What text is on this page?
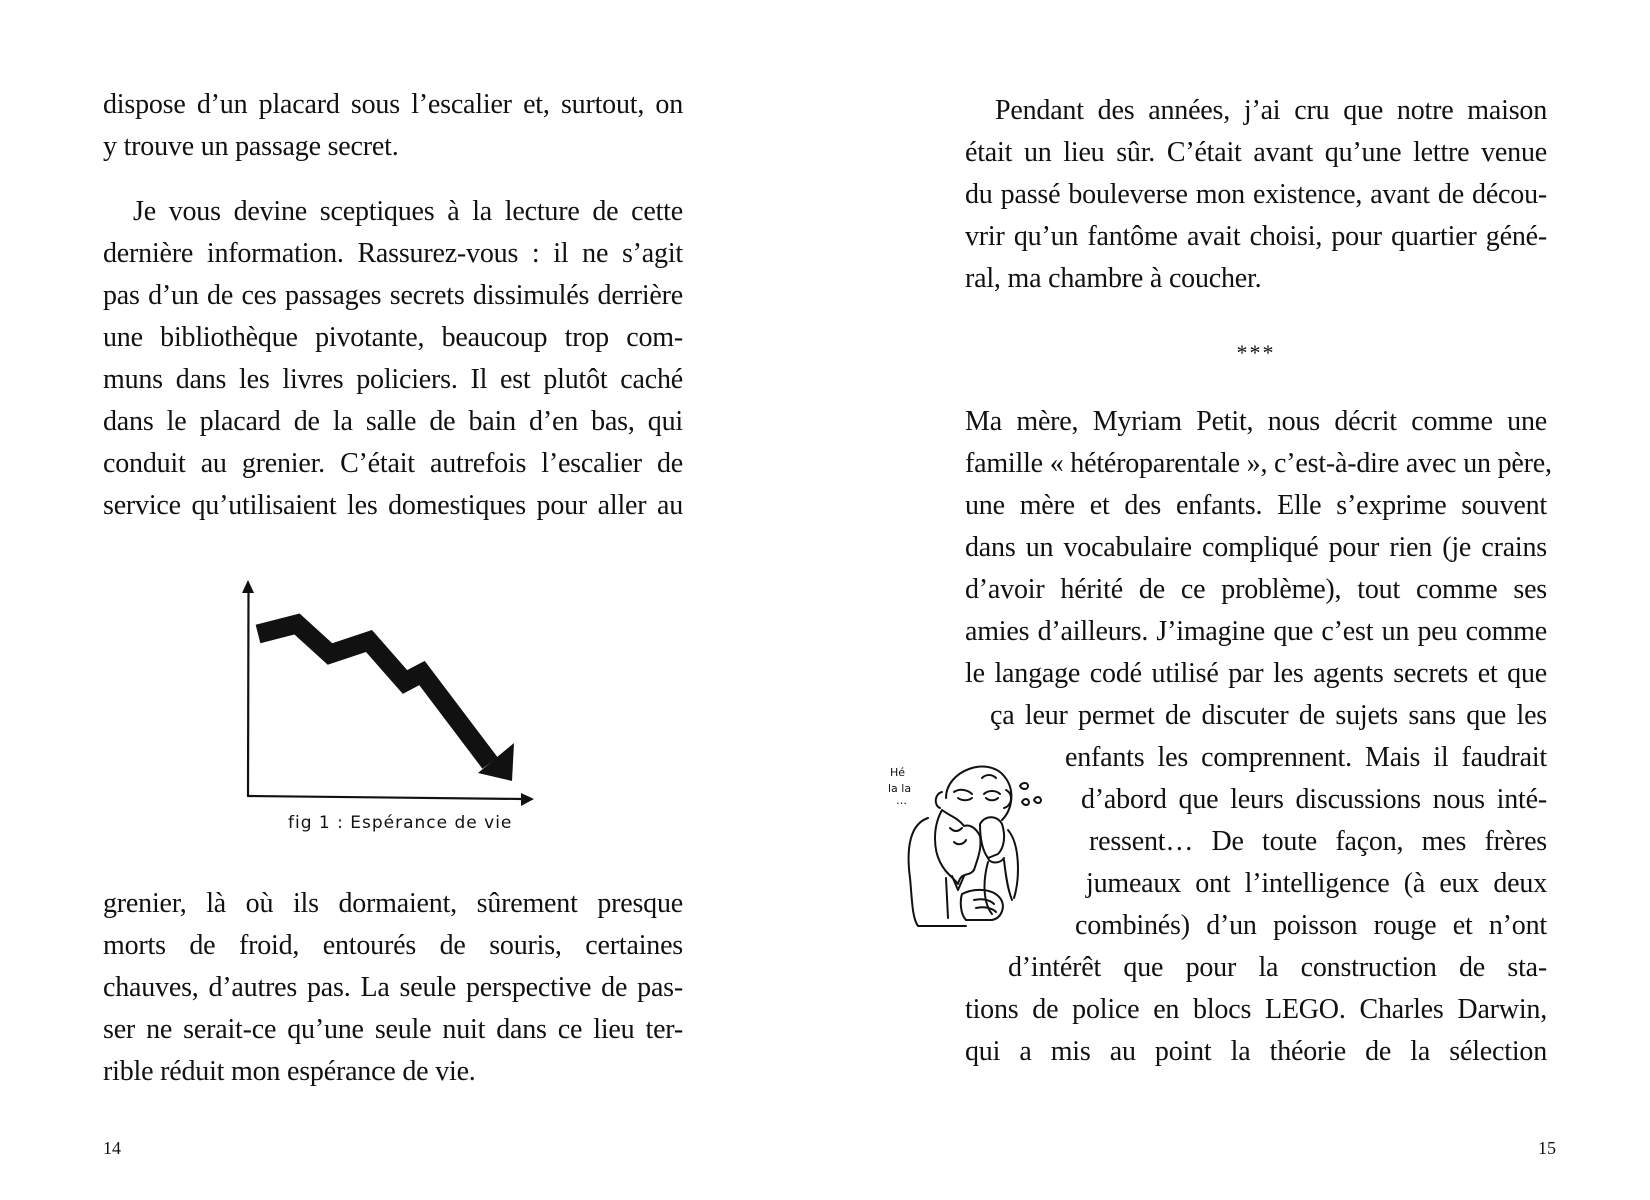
dispose d’un placard sous l’escalier et, surtout, on
y trouve un passage secret.
Je vous devine sceptiques à la lecture de cette
dernière information. Rassurez-vous : il ne s’agit
pas d’un de ces passages secrets dissimulés derrière
une bibliothèque pivotante, beaucoup trop com-
muns dans les livres policiers. Il est plutôt caché
dans le placard de la salle de bain d’en bas, qui
conduit au grenier. C’était autrefois l’escalier de
service qu’utilisaient les domestiques pour aller au
fig 1 : Espérance de vie
grenier, là où ils dormaient, sûrement presque
morts de froid, entourés de souris, certaines
chauves, d’autres pas. La seule perspective de pas-
ser ne serait-ce qu’une seule nuit dans ce lieu ter-
rible réduit mon espérance de vie.
14
Pendant des années, j’ai cru que notre maison
était un lieu sûr. C’était avant qu’une lettre venue
du passé bouleverse mon existence, avant de décou-
vrir qu’un fantôme avait choisi, pour quartier géné-
ral, ma chambre à coucher.
***
Ma mère, Myriam Petit, nous décrit comme une
famille « hétéroparentale », c’est-à-dire avec un père,
une mère et des enfants. Elle s’exprime souvent
dans un vocabulaire compliqué pour rien (je crains
d’avoir hérité de ce problème), tout comme ses
amies d’ailleurs. J’imagine que c’est un peu comme
le langage codé utilisé par les agents secrets et que
ça leur permet de discuter de sujets sans que les
enfants les comprennent. Mais il faudrait
d’abord que leurs discussions nous inté-
ressent… De toute façon, mes frères
jumeaux ont l’intelligence (à eux deux
combinés) d’un poisson rouge et n’ont
d’intérêt que pour la construction de sta-
tions de police en blocs LEGO. Charles Darwin,
qui a mis au point la théorie de la sélection
Hé
la la
…
15
